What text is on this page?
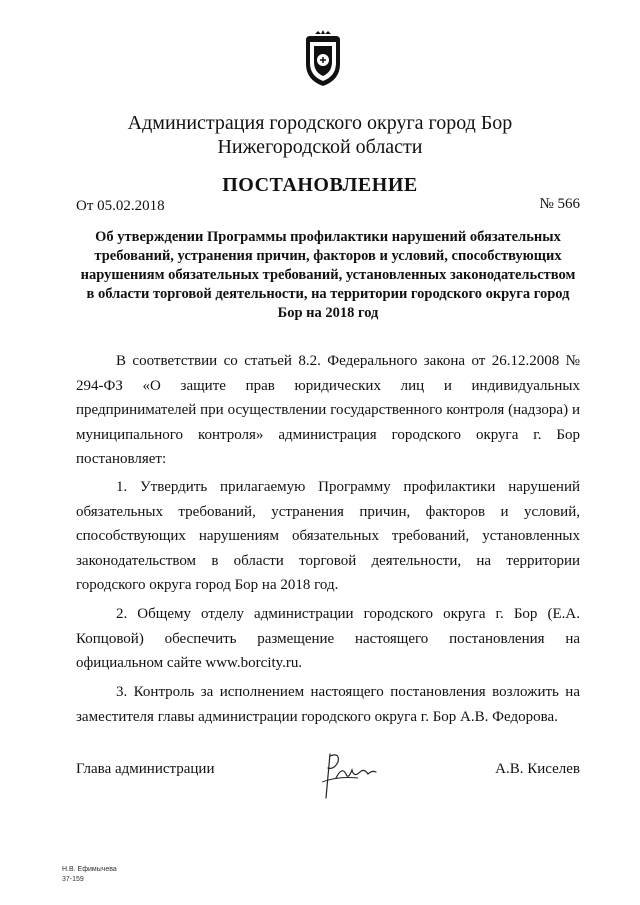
Администрация городского округа город Бор
Нижегородской области
ПОСТАНОВЛЕНИЕ
От 05.02.2018	№ 566
Об утверждении Программы профилактики нарушений обязательных требований, устранения причин, факторов и условий, способствующих нарушениям обязательных требований, установленных законодательством в области торговой деятельности, на территории городского округа город Бор на 2018 год
В соответствии со статьей 8.2. Федерального закона от 26.12.2008 № 294-ФЗ «О защите прав юридических лиц и индивидуальных предпринимателей при осуществлении государственного контроля (надзора) и муниципального контроля» администрация городского округа г. Бор постановляет:
1. Утвердить прилагаемую Программу профилактики нарушений обязательных требований, устранения причин, факторов и условий, способствующих нарушениям обязательных требований, установленных законодательством в области торговой деятельности, на территории городского округа город Бор на 2018 год.
2. Общему отделу администрации городского округа г. Бор (Е.А. Копцовой) обеспечить размещение настоящего постановления на официальном сайте www.borcity.ru.
3. Контроль за исполнением настоящего постановления возложить на заместителя главы администрации городского округа г. Бор А.В. Федорова.
Глава администрации	А.В. Киселев
Н.В. Ефимычева
37-159
